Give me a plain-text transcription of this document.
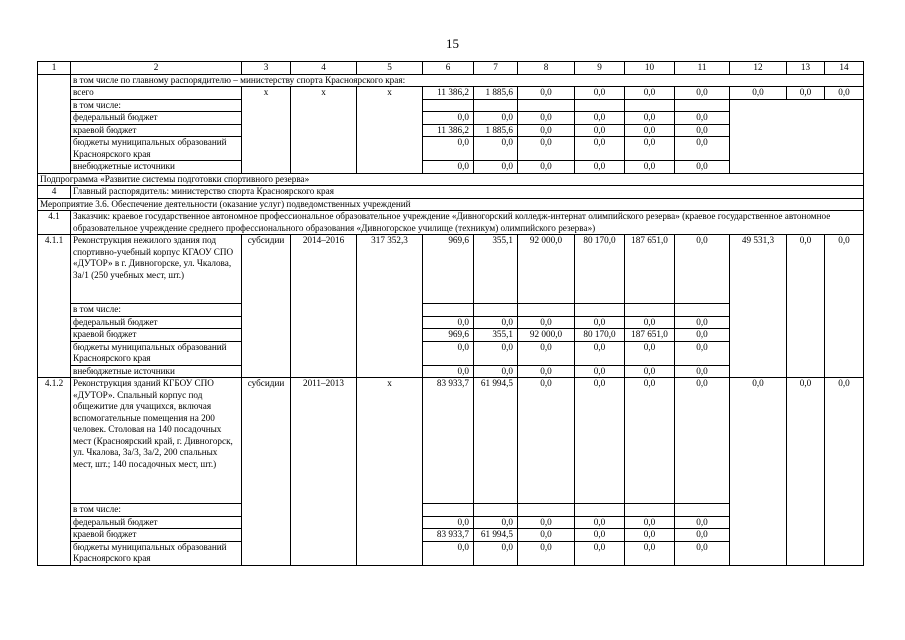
15
1	2	3	4	5	6	7	8	9	10	11	12	13	14
	в том числе по главному распорядителю – министерству спорта Красноярского края:												
	всего	х	х	х	11 386,2	1 885,6	0,0	0,0	0,0	0,0	0,0	0,0	0,0
	в том числе:												
	федеральный бюджет				0,0	0,0	0,0	0,0	0,0	0,0			
	краевой бюджет				11 386,2	1 885,6	0,0	0,0	0,0	0,0			
	бюджеты муниципальных образований Красноярского края				0,0	0,0	0,0	0,0	0,0	0,0			
	внебюджетные источники				0,0	0,0	0,0	0,0	0,0	0,0			
Подпрограмма «Развитие системы подготовки спортивного резерва»													
4	Главный распорядитель: министерство спорта Красноярского края												
Мероприятие 3.6. Обеспечение деятельности (оказание услуг) подведомственных учреждений													
4.1	Заказчик: краевое государственное автономное профессиональное образовательное учреждение «Дивногорский колледж-интернат олимпийского резерва» (краевое государственное автономное образовательное учреждение среднего профессионального образования «Дивногорское училище (техникум) олимпийского резерва»)												
4.1.1	Реконструкция нежилого здания под спортивно-учебный корпус КГАОУ СПО «ДУТОР» в г. Дивногорске, ул. Чкалова, 3а/1 (250 учебных мест, шт.)	субсидии	2014–2016	317 352,3	969,6	355,1	92 000,0	80 170,0	187 651,0	0,0	49 531,3	0,0	0,0
	в том числе:												
	федеральный бюджет				0,0	0,0	0,0	0,0	0,0	0,0			
	краевой бюджет				969,6	355,1	92 000,0	80 170,0	187 651,0	0,0			
	бюджеты муниципальных образований Красноярского края				0,0	0,0	0,0	0,0	0,0	0,0			
	внебюджетные источники				0,0	0,0	0,0	0,0	0,0	0,0			
4.1.2	Реконструкция зданий КГБОУ СПО «ДУТОР». Спальный корпус под общежитие для учащихся, включая вспомогательные помещения на 200 человек. Столовая на 140 посадочных мест (Красноярский край, г. Дивногорск, ул. Чкалова, 3а/3, 3а/2, 200 спальных мест, шт.; 140 посадочных мест, шт.)	субсидии	2011–2013	х	83 933,7	61 994,5	0,0	0,0	0,0	0,0	0,0	0,0	0,0
	в том числе:												
	федеральный бюджет				0,0	0,0	0,0	0,0	0,0	0,0			
	краевой бюджет				83 933,7	61 994,5	0,0	0,0	0,0	0,0			
	бюджеты муниципальных образований Красноярского края				0,0	0,0	0,0	0,0	0,0	0,0			
